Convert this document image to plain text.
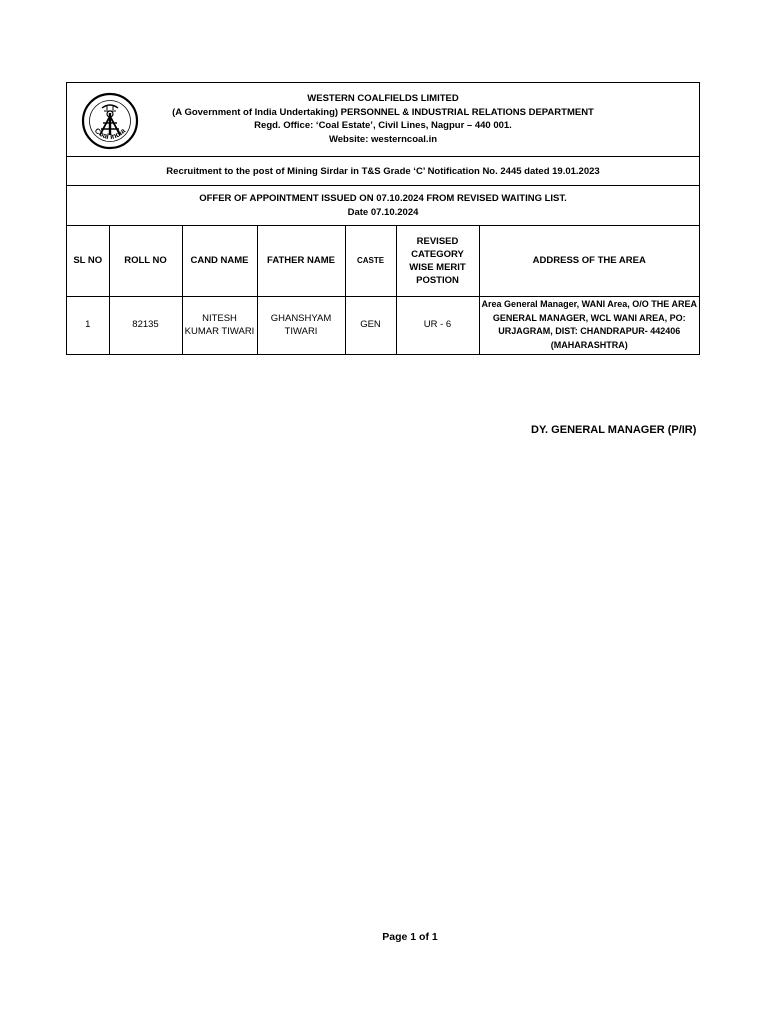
Coal India
WESTERN COALFIELDS LIMITED
(A Government of India Undertaking) PERSONNEL & INDUSTRIAL RELATIONS DEPARTMENT
Regd. Office: ‘Coal Estate’, Civil Lines, Nagpur – 440 001.
Website: westerncoal.in
Recruitment to the post of Mining Sirdar in T&S Grade ‘C’ Notification No. 2445 dated 19.01.2023
OFFER OF APPOINTMENT ISSUED ON 07.10.2024 FROM REVISED WAITING LIST.
Date 07.10.2024
SL NO	ROLL NO	CAND NAME	FATHER NAME	CASTE	REVISED CATEGORY WISE MERIT POSTION	ADDRESS OF THE AREA
1	82135	NITESH KUMAR TIWARI	GHANSHYAM TIWARI	GEN	UR - 6	Area General Manager, WANI Area, O/O THE AREA GENERAL MANAGER, WCL WANI AREA, PO: URJAGRAM, DIST: CHANDRAPUR- 442406 (MAHARASHTRA)
DY. GENERAL MANAGER (P/IR)
Page 1 of 1
